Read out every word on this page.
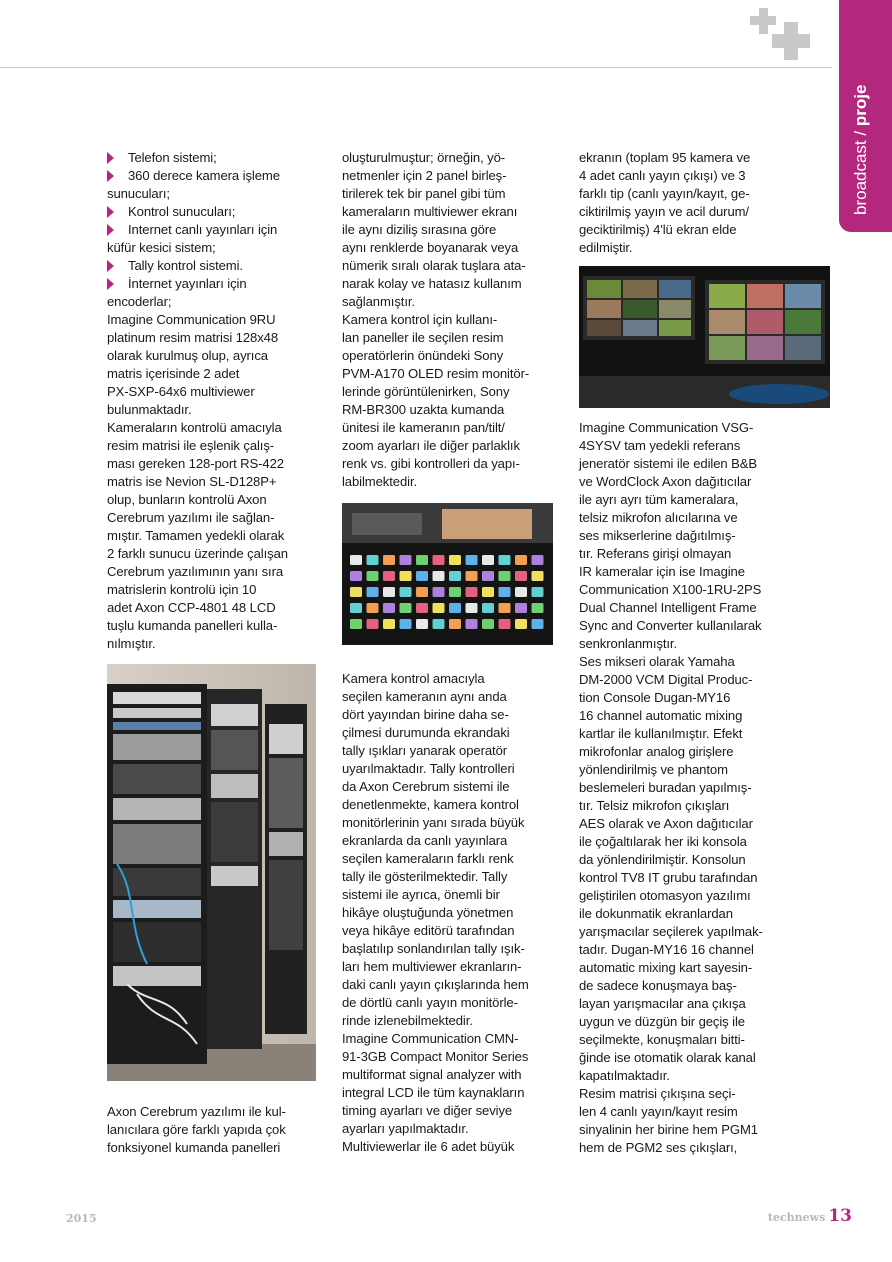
broadcast / proje

Telefon sistemi;

360 derece kamera işleme

sunucuları;

Kontrol sunucuları;

Internet canlı yayınları için

küfür kesici sistem;

Tally kontrol sistemi.

İnternet yayınları için

encoderlar;

Imagine Communication 9RU

platinum resim matrisi 128x48

olarak kurulmuş olup, ayrıca

matris içerisinde 2 adet

PX-SXP-64x6 multiviewer

bulunmaktadır.

Kameraların kontrolü amacıyla

resim matrisi ile eşlenik çalış-

ması gereken 128-port RS-422

matris ise Nevion SL-D128P+

olup, bunların kontrolü Axon

Cerebrum yazılımı ile sağlan-

mıştır. Tamamen yedekli olarak

2 farklı sunucu üzerinde çalışan

Cerebrum yazılımının yanı sıra

matrislerin kontrolü için 10

adet Axon CCP-4801 48 LCD

tuşlu kumanda panelleri kulla-

nılmıştır.

Axon Cerebrum yazılımı ile kul-

lanıcılara göre farklı yapıda çok

fonksiyonel kumanda panelleri

oluşturulmuştur; örneğin, yö-

netmenler için 2 panel birleş-

tirilerek tek bir panel gibi tüm

kameraların multiviewer ekranı

ile aynı diziliş sırasına göre

aynı renklerde boyanarak veya

nümerik sıralı olarak tuşlara ata-

narak kolay ve hatasız kullanım

sağlanmıştır.

Kamera kontrol için kullanı-

lan paneller ile seçilen resim

operatörlerin önündeki Sony

PVM-A170 OLED resim monitör-

lerinde görüntülenirken, Sony

RM-BR300 uzakta kumanda

ünitesi ile kameranın pan/tilt/

zoom ayarları ile diğer parlaklık

renk vs. gibi kontrolleri da yapı-

labilmektedir.

Kamera kontrol amacıyla

seçilen kameranın aynı anda

dört yayından birine daha se-

çilmesi durumunda ekrandaki

tally ışıkları yanarak operatör

uyarılmaktadır. Tally kontrolleri

da Axon Cerebrum sistemi ile

denetlenmekte, kamera kontrol

monitörlerinin yanı sırada büyük

ekranlarda da canlı yayınlara

seçilen kameraların farklı renk

tally ile gösterilmektedir. Tally

sistemi ile ayrıca, önemli bir

hikâye oluştuğunda yönetmen

veya hikâye editörü tarafından

başlatılıp sonlandırılan tally ışık-

ları hem multiviewer ekranların-

daki canlı yayın çıkışlarında hem

de dörtlü canlı yayın monitörle-

rinde izlenebilmektedir.

Imagine Communication CMN-

91-3GB Compact Monitor Series

multiformat signal analyzer with

integral LCD ile tüm kaynakların

timing ayarları ve diğer seviye

ayarları yapılmaktadır.

Multiviewerlar ile 6 adet büyük

ekranın (toplam 95 kamera ve

4 adet canlı yayın çıkışı) ve 3

farklı tip (canlı yayın/kayıt, ge-

ciktirilmiş yayın ve acil durum/

geciktirilmiş) 4'lü ekran elde

edilmiştir.

Imagine Communication VSG-

4SYSV tam yedekli referans

jeneratör sistemi ile edilen B&B

ve WordClock Axon dağıtıcılar

ile ayrı ayrı tüm kameralara,

telsiz mikrofon alıcılarına ve

ses mikserlerine dağıtılmış-

tır. Referans girişi olmayan

IR kameralar için ise Imagine

Communication X100-1RU-2PS

Dual Channel Intelligent Frame

Sync and Converter kullanılarak

senkronlanmıştır.

Ses mikseri olarak Yamaha

DM-2000 VCM Digital Produc-

tion Console Dugan-MY16

16 channel automatic mixing

kartlar ile kullanılmıştır. Efekt

mikrofonlar analog girişlere

yönlendirilmiş ve phantom

beslemeleri buradan yapılmış-

tır. Telsiz mikrofon çıkışları

AES olarak ve Axon dağıtıcılar

ile çoğaltılarak her iki konsola

da yönlendirilmiştir. Konsolun

kontrol TV8 IT grubu tarafından

geliştirilen otomasyon yazılımı

ile dokunmatik ekranlardan

yarışmacılar seçilerek yapılmak-

tadır. Dugan-MY16 16 channel

automatic mixing kart sayesin-

de sadece konuşmaya baş-

layan yarışmacılar ana çıkışa

uygun ve düzgün bir geçiş ile

seçilmekte, konuşmaları bitti-

ğinde ise otomatik olarak kanal

kapatılmaktadır.

Resim matrisi çıkışına seçi-

len 4 canlı yayın/kayıt resim

sinyalinin her birine hem PGM1

hem de PGM2 ses çıkışları,

2015	technews 13
